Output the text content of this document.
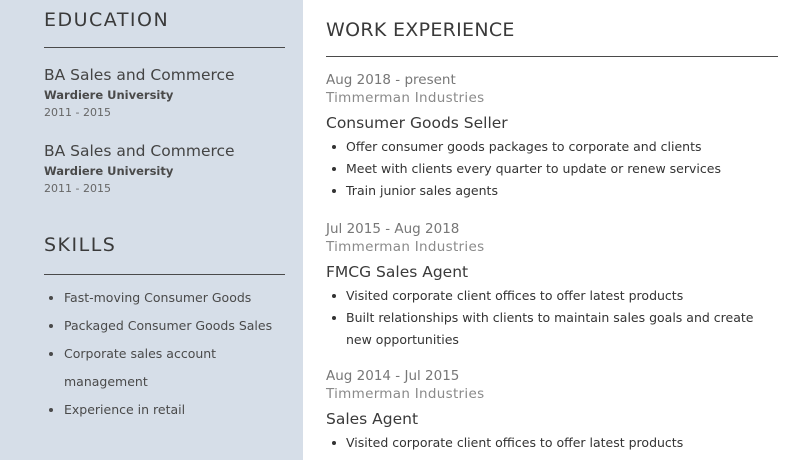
EDUCATION
BA Sales and Commerce
Wardiere University
2011 - 2015
BA Sales and Commerce
Wardiere University
2011 - 2015
SKILLS
Fast-moving Consumer Goods
Packaged Consumer Goods Sales
Corporate sales account management
Experience in retail
WORK EXPERIENCE
Aug 2018 - present
Timmerman Industries
Consumer Goods Seller
Offer consumer goods packages to corporate and clients
Meet with clients every quarter to update or renew services
Train junior sales agents
Jul 2015 - Aug 2018
Timmerman Industries
FMCG Sales Agent
Visited corporate client offices to offer latest products
Built relationships with clients to maintain sales goals and create new opportunities
Aug 2014 - Jul 2015
Timmerman Industries
Sales Agent
Visited corporate client offices to offer latest products
